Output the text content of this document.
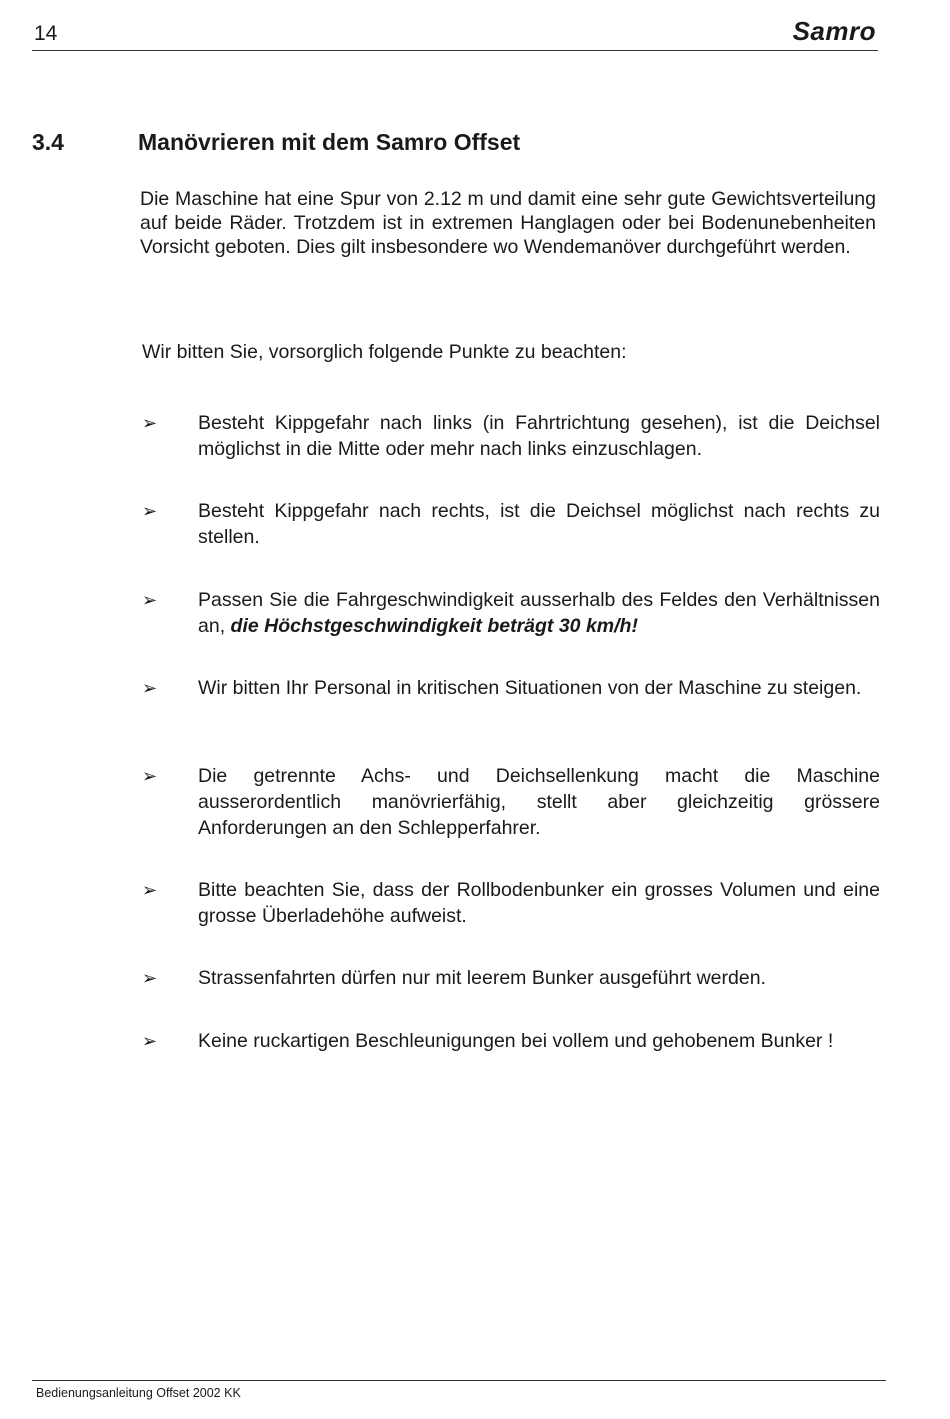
14	Samro
3.4	Manövrieren mit dem Samro Offset

Die Maschine hat eine Spur von 2.12 m und damit eine sehr gute Gewichtsverteilung auf beide Räder. Trotzdem ist in extremen Hanglagen oder bei Bodenunebenheiten Vorsicht geboten. Dies gilt insbesondere wo Wendemanöver durchgeführt werden.

Wir bitten Sie, vorsorglich folgende Punkte zu beachten:

➢ Besteht Kippgefahr nach links (in Fahrtrichtung gesehen), ist die Deichsel möglichst in die Mitte oder mehr nach links einzuschlagen.
➢ Besteht Kippgefahr nach rechts, ist die Deichsel möglichst nach rechts zu stellen.
➢ Passen Sie die Fahrgeschwindigkeit ausserhalb des Feldes den Verhältnissen an, die Höchstgeschwindigkeit beträgt 30 km/h!
➢ Wir bitten Ihr Personal in kritischen Situationen von der Maschine zu steigen.
➢ Die getrennte Achs- und Deichsellenkung macht die Maschine ausserordentlich manövrierfähig, stellt aber gleichzeitig grössere Anforderungen an den Schlepperfahrer.
➢ Bitte beachten Sie, dass der Rollbodenbunker ein grosses Volumen und eine grosse Überladehöhe aufweist.
➢ Strassenfahrten dürfen nur mit leerem Bunker ausgeführt werden.
➢ Keine ruckartigen Beschleunigungen bei vollem und gehobenem Bunker !
Bedienungsanleitung Offset 2002 KK
